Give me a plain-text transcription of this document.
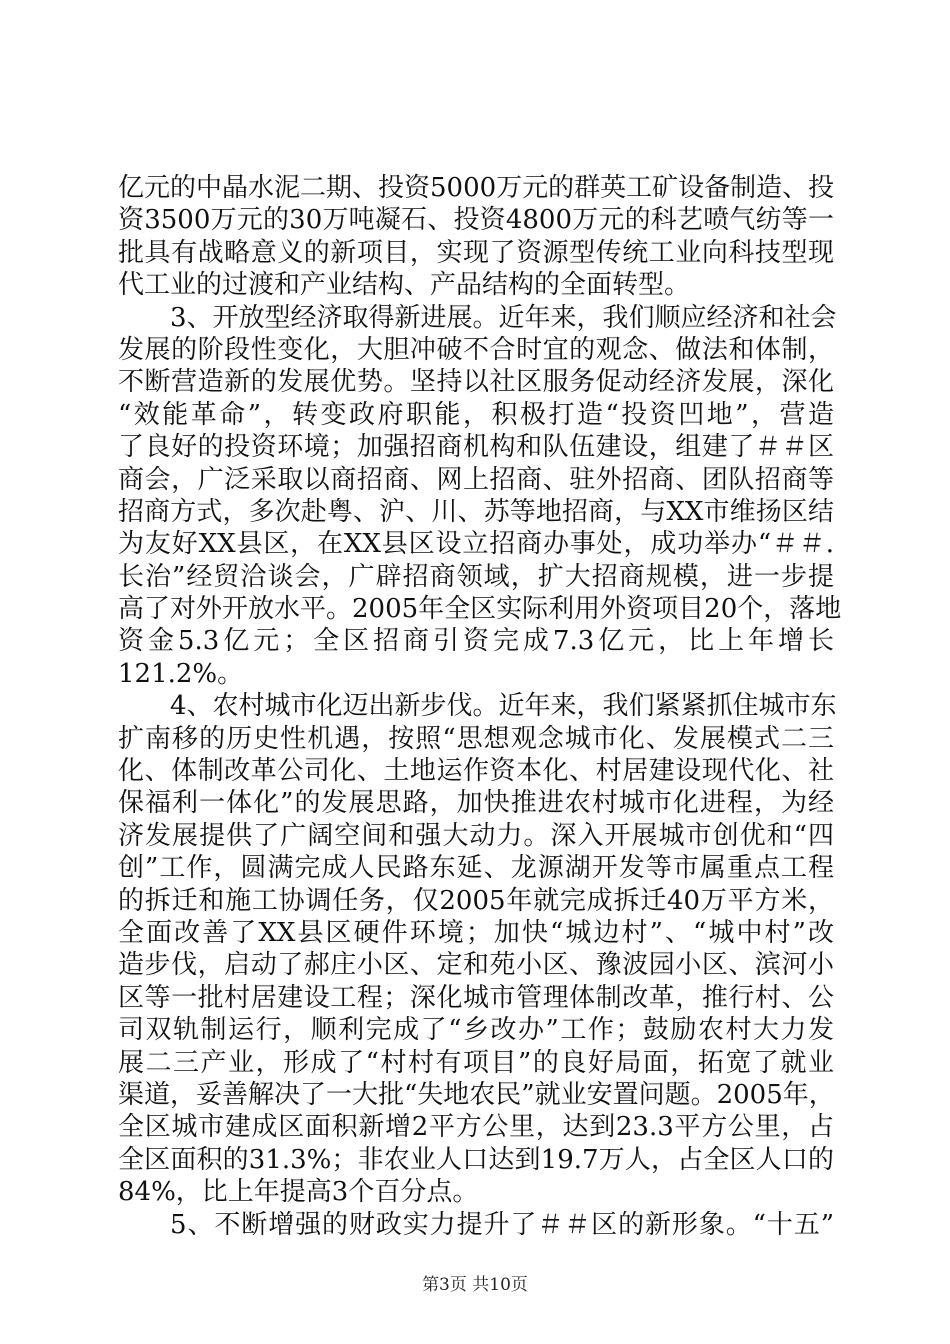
亿元的中晶水泥二期、投资5000万元的群英工矿设备制造、投
资3500万元的30万吨凝石、投资4800万元的科艺喷气纺等一
批具有战略意义的新项目，实现了资源型传统工业向科技型现
代工业的过渡和产业结构、产品结构的全面转型。
3、开放型经济取得新进展。近年来，我们顺应经济和社会
发展的阶段性变化，大胆冲破不合时宜的观念、做法和体制，
不断营造新的发展优势。坚持以社区服务促动经济发展，深化
“效能革命”，转变政府职能，积极打造“投资凹地”，营造
了良好的投资环境；加强招商机构和队伍建设，组建了＃＃区
商会，广泛采取以商招商、网上招商、驻外招商、团队招商等
招商方式，多次赴粤、沪、川、苏等地招商，与XX市维扬区结
为友好XX县区，在XX县区设立招商办事处，成功举办“＃＃.
长治”经贸洽谈会，广辟招商领域，扩大招商规模，进一步提
高了对外开放水平。2005年全区实际利用外资项目20个，落地
资金5.3亿元；全区招商引资完成7.3亿元，比上年增长
121.2%。
4、农村城市化迈出新步伐。近年来，我们紧紧抓住城市东
扩南移的历史性机遇，按照“思想观念城市化、发展模式二三
化、体制改革公司化、土地运作资本化、村居建设现代化、社
保福利一体化”的发展思路，加快推进农村城市化进程，为经
济发展提供了广阔空间和强大动力。深入开展城市创优和“四
创”工作，圆满完成人民路东延、龙源湖开发等市属重点工程
的拆迁和施工协调任务，仅2005年就完成拆迁40万平方米，
全面改善了XX县区硬件环境；加快“城边村”、“城中村”改
造步伐，启动了郝庄小区、定和苑小区、豫波园小区、滨河小
区等一批村居建设工程；深化城市管理体制改革，推行村、公
司双轨制运行，顺利完成了“乡改办”工作；鼓励农村大力发
展二三产业，形成了“村村有项目”的良好局面，拓宽了就业
渠道，妥善解决了一大批“失地农民”就业安置问题。2005年，
全区城市建成区面积新增2平方公里，达到23.3平方公里，占
全区面积的31.3%；非农业人口达到19.7万人，占全区人口的
84%，比上年提高3个百分点。
5、不断增强的财政实力提升了＃＃区的新形象。“十五”
第3页 共10页
